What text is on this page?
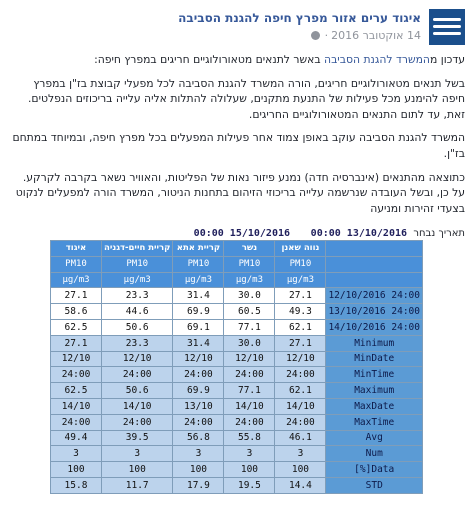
איגוד ערים אזור מפרץ חיפה להגנת הסביבה
14 אוקטובר 2016·

עדכון מהמשרד להגנת הסביבה באשר לתנאים מטאורולוגיים חריגים במפרץ חיפה:

בשל תנאים מטאורולוגיים חריגים, הורה המשרד להגנת הסביבה לכל מפעלי קבוצת בז"ן במפרץ חיפה להימנע מכל פעילות של התנעת מתקנים, שעלולה להתלות אליה עלייה בריכוזים הנפלטים. זאת, עד לתום התנאים המטאורולוגיים החריגים.

המשרד להגנת הסביבה עוקב באופן צמוד אחר פעילות המפעלים בכל מפרץ חיפה, ובמיוחד במתחם בז"ן.

כתוצאה מהתנאים (אינברסיה חדה) נמנע פיזור נאות של הפליטות, והאוויר נשאר בקרבה לקרקע. על כן, ובשל העובדה שנרשמה עלייה בריכוזי הזיהום בתחנות הניטור, המשרד הורה למפעלים לנקוט בצעדי זהירות ומניעה

תאריך נבחר
00:00 13/10/2016
00:00 15/10/2016
	נווה שאנן	נשר	קריית אתא	קריית חיים-דגניה	איגוד
	PM10	PM10	PM10	PM10	PM10
	µg/m3	µg/m3	µg/m3	µg/m3	µg/m3
24:00 12/10/2016	27.1	30.0	31.4	23.3	27.1
24:00 13/10/2016	49.3	60.5	69.9	44.6	58.6
24:00 14/10/2016	62.1	77.1	69.1	50.6	62.5
Minimum	27.1	30.0	31.4	23.3	27.1
MinDate	12/10	12/10	12/10	12/10	12/10
MinTime	24:00	24:00	24:00	24:00	24:00
Maximum	62.1	77.1	69.9	50.6	62.5
MaxDate	14/10	14/10	13/10	14/10	14/10
MaxTime	24:00	24:00	24:00	24:00	24:00
Avg	46.1	55.8	56.8	39.5	49.4
Num	3	3	3	3	3
Data[%]	100	100	100	100	100
STD	14.4	19.5	17.9	11.7	15.8
